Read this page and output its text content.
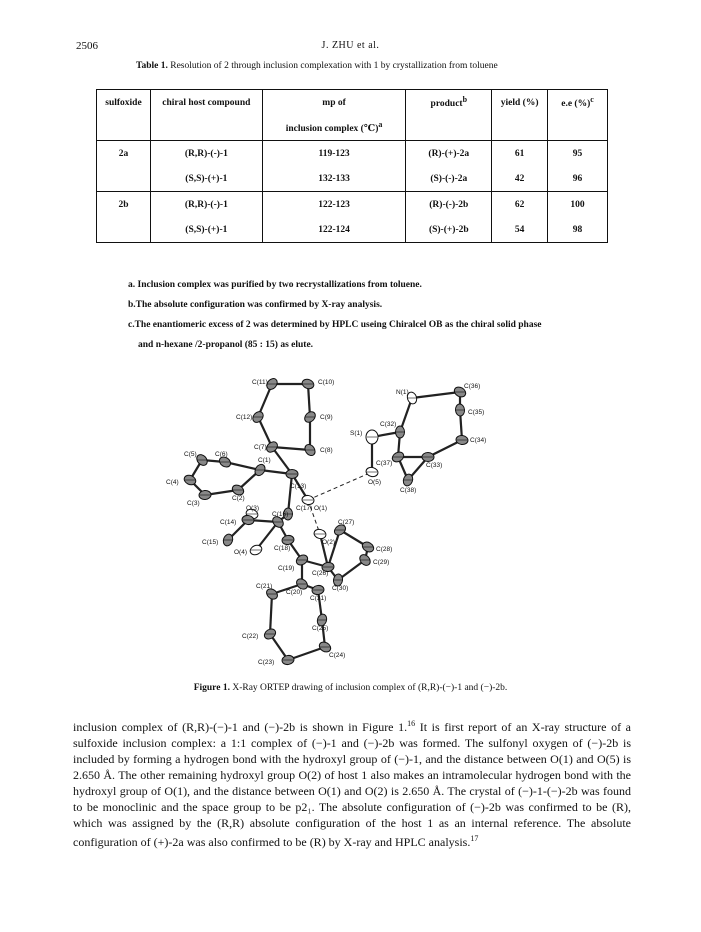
2506	J. ZHU et al.
Table 1. Resolution of 2 through inclusion complexation with 1 by crystallization from toluene
sulfoxide	chiral host compound	mp of	product$^b$	yield (%)	e.e (%)$^c$
		inclusion complex (℃)$^a$			
2a	(R,R)-(-)-1	119-123	(R)-(+)-2a	61	95
	(S,S)-(+)-1	132-133	(S)-(-)-2a	42	96
2b	(R,R)-(-)-1	122-123	(R)-(-)-2b	62	100
	(S,S)-(+)-1	122-124	(S)-(+)-2b	54	98
a. Inclusion complex was purified by two recrystallizations from toluene.
b.The absolute configuration was confirmed by X-ray analysis.
c.The enantiomeric excess of 2 was determined by HPLC useing Chiralcel OB as the chiral solid phase
and n-hexane /2-propanol (85 : 15) as elute.
C(11)	C(10)
C(12)	C(9)
C(5)	C(6)
C(7)	C(8)
C(1)
C(13)
C(4)
C(3)
C(2)
O(1)
O(3)
C(14)
C(16)
C(17)
C(15)
C(18)
O(2)
C(27)
O(4)	C(28)
C(19)
C(26)
C(29)
C(30)
C(20)
C(31)
C(21)
C(25)
C(22)
C(24)
C(23)
N(1)
C(36)
S(1)
C(32)
C(35)
C(37)
C(34)
C(33)
O(5)
C(38)
Figure 1. X-Ray ORTEP drawing of inclusion complex of (R,R)-(−)-1 and (−)-2b.

inclusion complex of (R,R)-(−)-1 and (−)-2b is shown in Figure 1.16 It is first report of an X-ray structure of a sulfoxide inclusion complex: a 1:1 complex of (−)-1 and (−)-2b was formed. The sulfonyl oxygen of (−)-2b is included by forming a hydrogen bond with the hydroxyl group of (−)-1, and the distance between O(1) and O(5) is 2.650 Å. The other remaining hydroxyl group O(2) of host 1 also makes an intramolecular hydrogen bond with the hydroxyl group of O(1), and the distance between O(1) and O(2) is 2.650 Å. The crystal of (−)-1-(−)-2b was found to be monoclinic and the space group to be p2₁. The absolute configuration of (−)-2b was confirmed to be (R), which was assigned by the (R,R) absolute configuration of the host 1 as an internal reference. The absolute configuration of (+)-2a was also confirmed to be (R) by X-ray and HPLC analysis.$^{17}$
